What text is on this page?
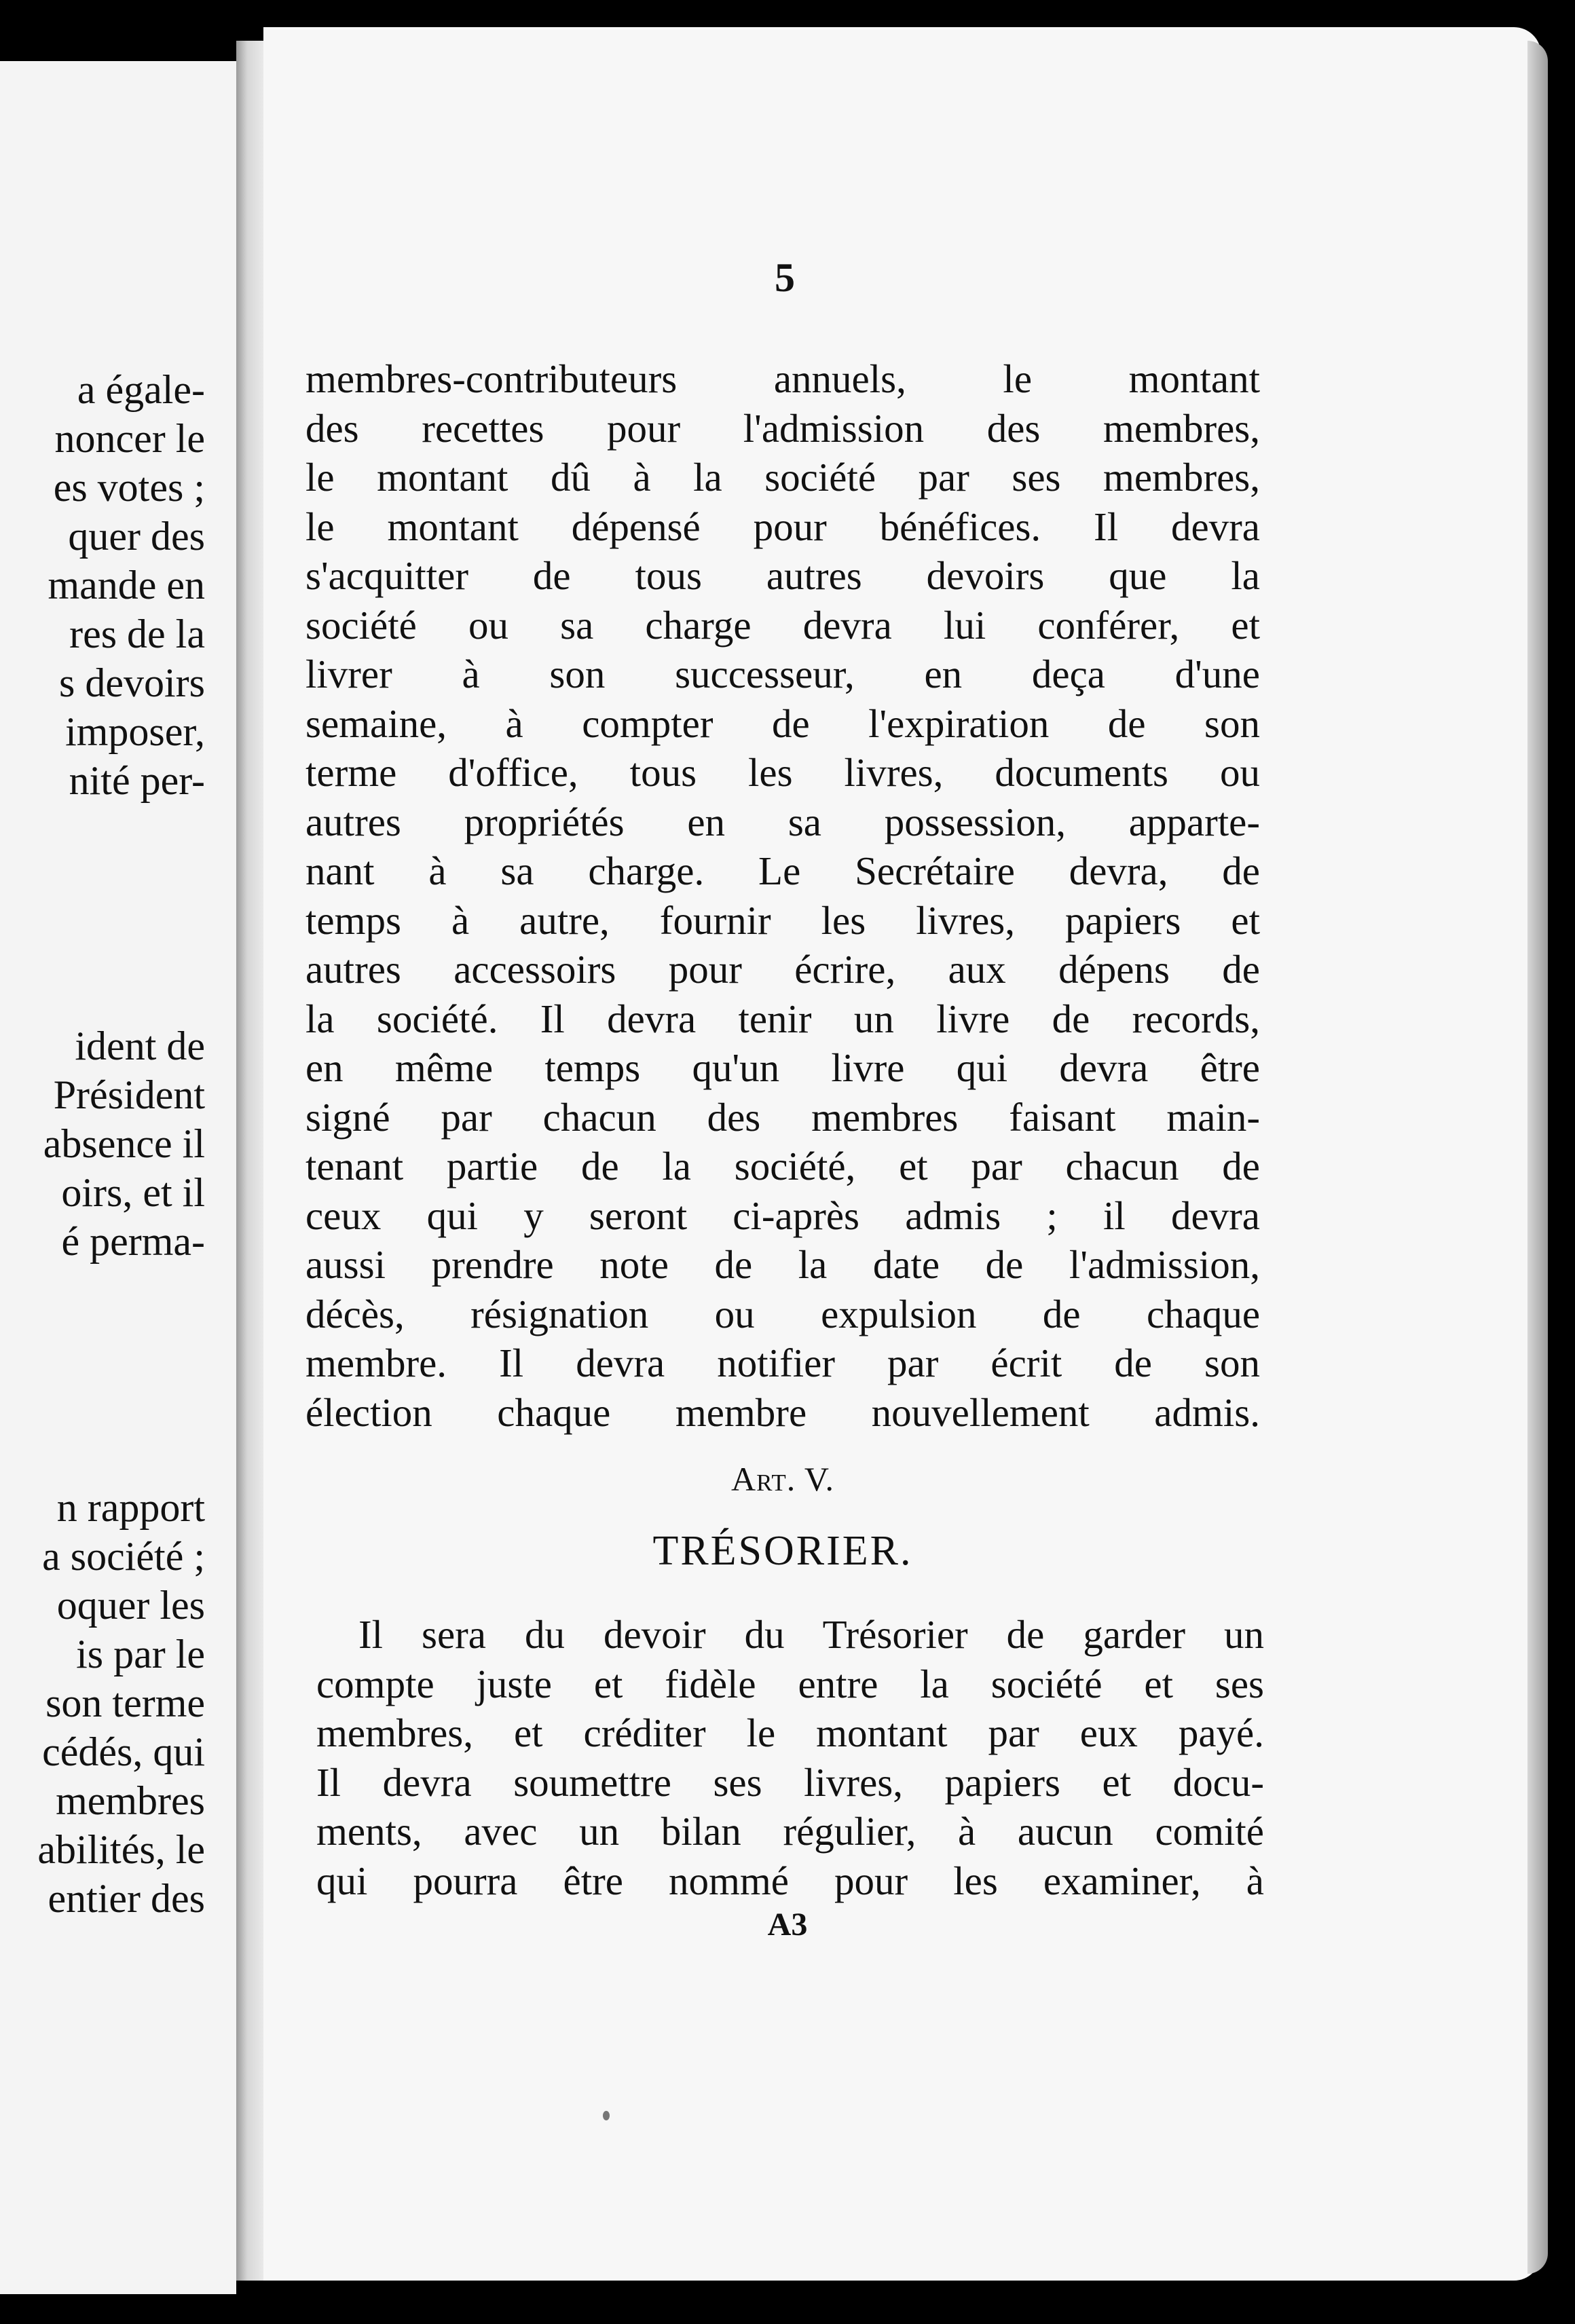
a égale-
noncer le
es votes ;
quer des
mande en
res de la
s devoirs
imposer,
nité per-
ident de
Président
absence il
oirs, et il
é perma-
n rapport
a société ;
oquer les
is par le
son terme
cédés, qui
membres
abilités, le
entier des
5
membres-contributeurs annuels, le montant
des recettes pour l'admission des membres,
le montant dû à la société par ses membres,
le montant dépensé pour bénéfices. Il devra
s'acquitter de tous autres devoirs que la
société ou sa charge devra lui conférer, et
livrer à son successeur, en deça d'une
semaine, à compter de l'expiration de son
terme d'office, tous les livres, documents ou
autres propriétés en sa possession, apparte-
nant à sa charge. Le Secrétaire devra, de
temps à autre, fournir les livres, papiers et
autres accessoirs pour écrire, aux dépens de
la société. Il devra tenir un livre de records,
en même temps qu'un livre qui devra être
signé par chacun des membres faisant main-
tenant partie de la société, et par chacun de
ceux qui y seront ci-après admis ; il devra
aussi prendre note de la date de l'admission,
décès, résignation ou expulsion de chaque
membre. Il devra notifier par écrit de son
élection chaque membre nouvellement admis.
Art. V.
TRÉSORIER.
Il sera du devoir du Trésorier de garder un
compte juste et fidèle entre la société et ses
membres, et créditer le montant par eux payé.
Il devra soumettre ses livres, papiers et docu-
ments, avec un bilan régulier, à aucun comité
qui pourra être nommé pour les examiner, à
A3
